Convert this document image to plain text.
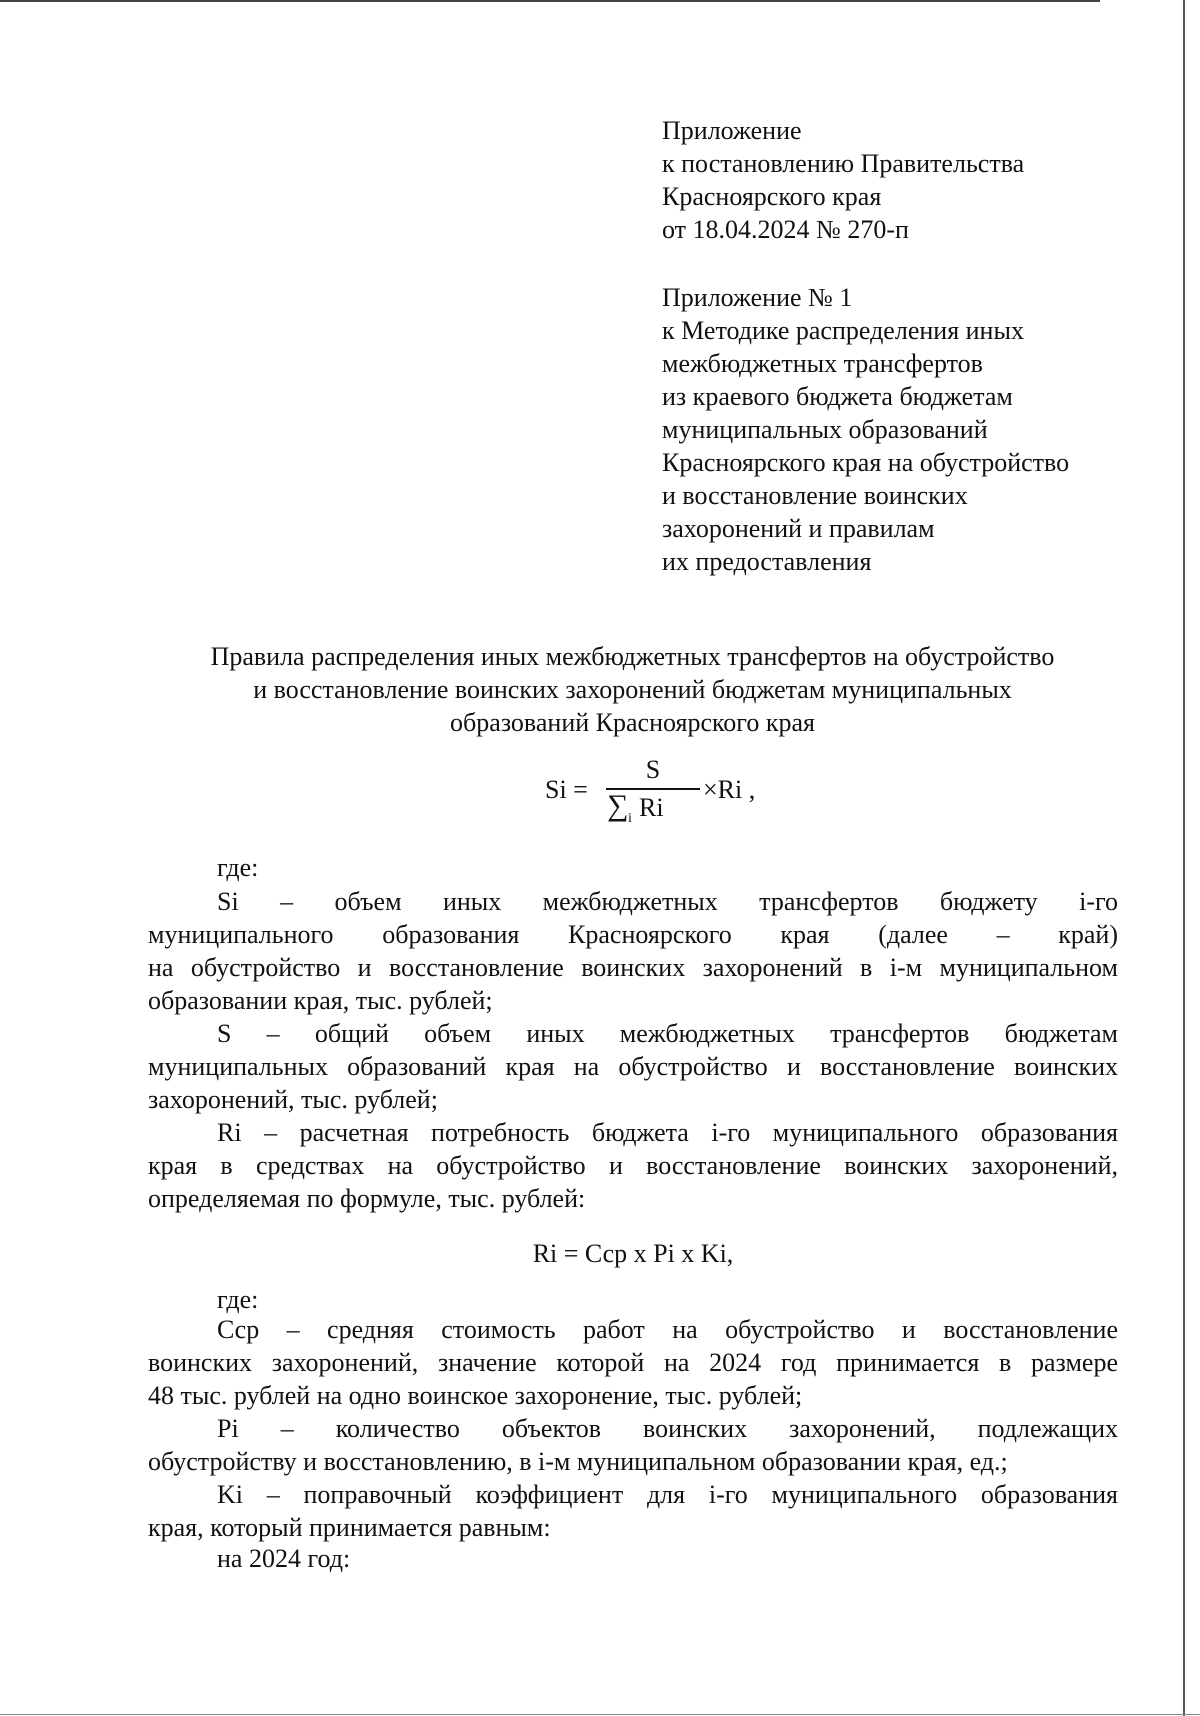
Приложение
к постановлению Правительства
Красноярского края
от 18.04.2024 № 270-п
Приложение № 1
к Методике распределения иных
межбюджетных трансфертов
из краевого бюджета бюджетам
муниципальных образований
Красноярского края на обустройство
и восстановление воинских
захоронений и правилам
их предоставления
Правила распределения иных межбюджетных трансфертов на обустройство
и восстановление воинских захоронений бюджетам муниципальных
образований Красноярского края
Si =
S
∑ i Ri
×Ri ,
где:
Si – объем иных межбюджетных трансфертов бюджету i-го
муниципального образования Красноярского края (далее – край)
на обустройство и восстановление воинских захоронений в i-м муниципальном
образовании края, тыс. рублей;
S – общий объем иных межбюджетных трансфертов бюджетам
муниципальных образований края на обустройство и восстановление воинских
захоронений, тыс. рублей;
Ri – расчетная потребность бюджета i-го муниципального образования
края в средствах на обустройство и восстановление воинских захоронений,
определяемая по формуле, тыс. рублей:
Ri = Сср х Pi х Ki,
где:
Сср – средняя стоимость работ на обустройство и восстановление
воинских захоронений, значение которой на 2024 год принимается в размере
48 тыс. рублей на одно воинское захоронение, тыс. рублей;
Pi – количество объектов воинских захоронений, подлежащих
обустройству и восстановлению, в i-м муниципальном образовании края, ед.;
Ki – поправочный коэффициент для i-го муниципального образования
края, который принимается равным:
на 2024 год:
